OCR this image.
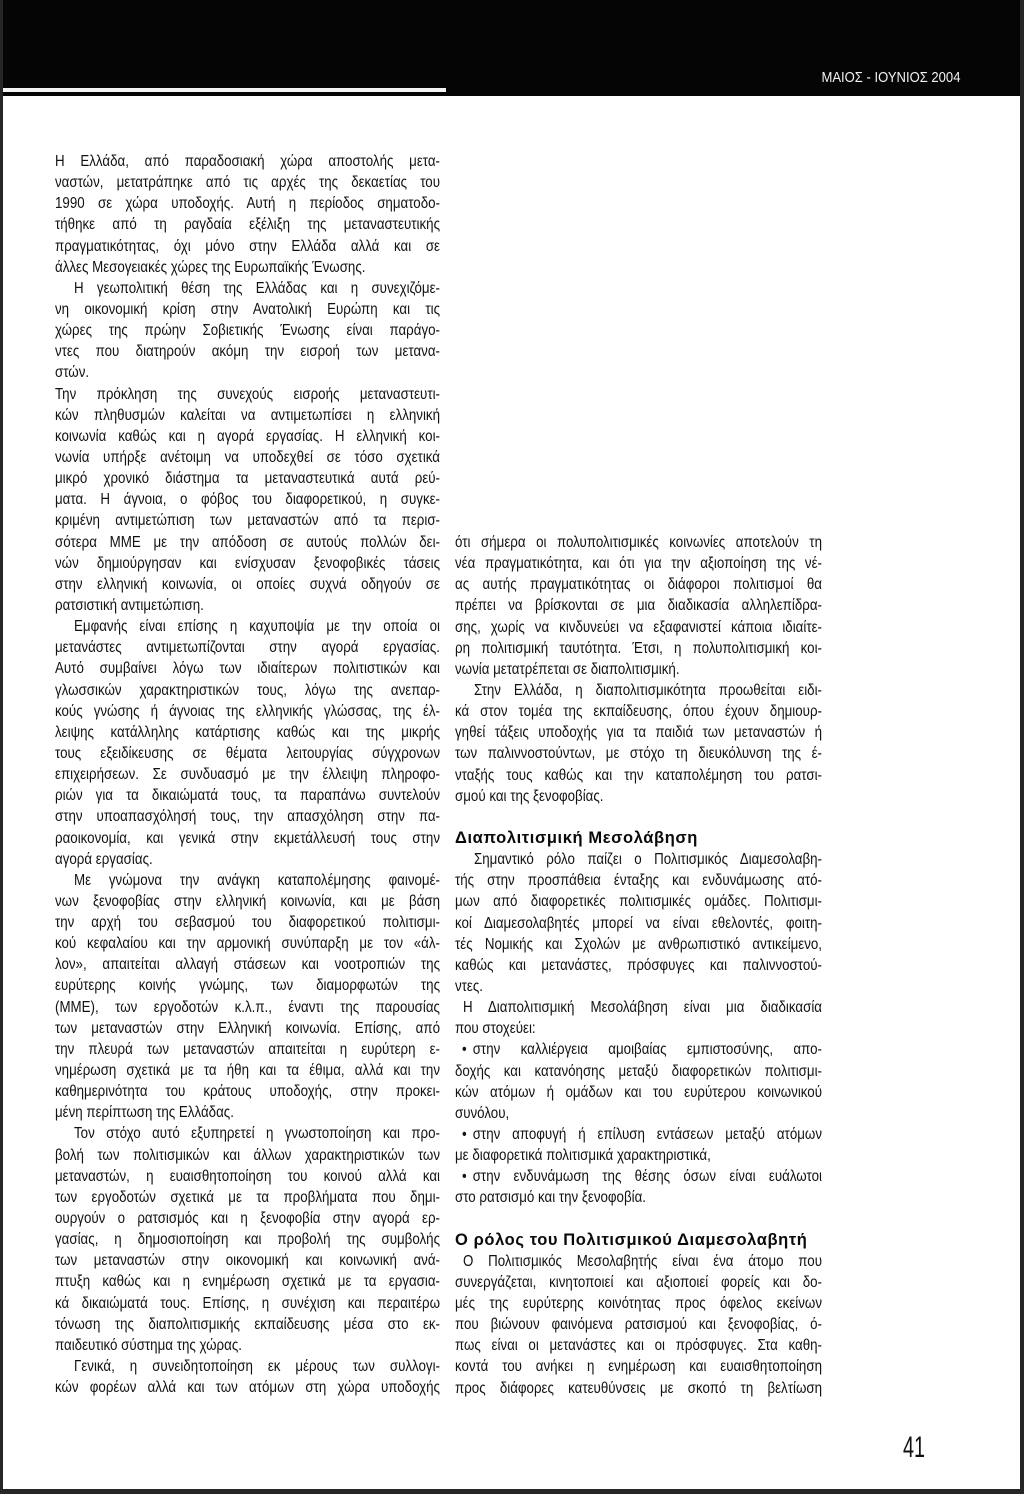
ΜΑΙΟΣ - ΙΟΥΝΙΟΣ 2004
Η Ελλάδα, από παραδοσιακή χώρα αποστολής μετα-
ναστών, μετατράπηκε από τις αρχές της δεκαετίας του
1990 σε χώρα υποδοχής. Αυτή η περίοδος σηματοδο-
τήθηκε από τη ραγδαία εξέλιξη της μεταναστευτικής
πραγματικότητας, όχι μόνο στην Ελλάδα αλλά και σε
άλλες Μεσογειακές χώρες της Ευρωπαϊκής Ένωσης.
Η γεωπολιτική θέση της Ελλάδας και η συνεχιζόμε-
νη οικονομική κρίση στην Ανατολική Ευρώπη και τις
χώρες της πρώην Σοβιετικής Ένωσης είναι παράγο-
ντες που διατηρούν ακόμη την εισροή των μετανα-
στών.
Την πρόκληση της συνεχούς εισροής μεταναστευτι-
κών πληθυσμών καλείται να αντιμετωπίσει η ελληνική
κοινωνία καθώς και η αγορά εργασίας. Η ελληνική κοι-
νωνία υπήρξε ανέτοιμη να υποδεχθεί σε τόσο σχετικά
μικρό χρονικό διάστημα τα μεταναστευτικά αυτά ρεύ-
ματα. Η άγνοια, ο φόβος του διαφορετικού, η συγκε-
κριμένη αντιμετώπιση των μεταναστών από τα περισ-
σότερα ΜΜΕ με την απόδοση σε αυτούς πολλών δει-
νών δημιούργησαν και ενίσχυσαν ξενοφοβικές τάσεις
στην ελληνική κοινωνία, οι οποίες συχνά οδηγούν σε
ρατσιστική αντιμετώπιση.
Εμφανής είναι επίσης η καχυποψία με την οποία οι
μετανάστες αντιμετωπίζονται στην αγορά εργασίας.
Αυτό συμβαίνει λόγω των ιδιαίτερων πολιτιστικών και
γλωσσικών χαρακτηριστικών τους, λόγω της ανεπαρ-
κούς γνώσης ή άγνοιας της ελληνικής γλώσσας, της έλ-
λειψης κατάλληλης κατάρτισης καθώς και της μικρής
τους εξειδίκευσης σε θέματα λειτουργίας σύγχρονων
επιχειρήσεων. Σε συνδυασμό με την έλλειψη πληροφο-
ριών για τα δικαιώματά τους, τα παραπάνω συντελούν
στην υποαπασχόλησή τους, την απασχόληση στην πα-
ραοικονομία, και γενικά στην εκμετάλλευσή τους στην
αγορά εργασίας.
Με γνώμονα την ανάγκη καταπολέμησης φαινομέ-
νων ξενοφοβίας στην ελληνική κοινωνία, και με βάση
την αρχή του σεβασμού του διαφορετικού πολιτισμι-
κού κεφαλαίου και την αρμονική συνύπαρξη με τον «άλ-
λον», απαιτείται αλλαγή στάσεων και νοοτροπιών της
ευρύτερης κοινής γνώμης, των διαμορφωτών της
(ΜΜΕ), των εργοδοτών κ.λ.π., έναντι της παρουσίας
των μεταναστών στην Ελληνική κοινωνία. Επίσης, από
την πλευρά των μεταναστών απαιτείται η ευρύτερη ε-
νημέρωση σχετικά με τα ήθη και τα έθιμα, αλλά και την
καθημερινότητα του κράτους υποδοχής, στην προκει-
μένη περίπτωση της Ελλάδας.
Τον στόχο αυτό εξυπηρετεί η γνωστοποίηση και προ-
βολή των πολιτισμικών και άλλων χαρακτηριστικών των
μεταναστών, η ευαισθητοποίηση του κοινού αλλά και
των εργοδοτών σχετικά με τα προβλήματα που δημι-
ουργούν ο ρατσισμός και η ξενοφοβία στην αγορά ερ-
γασίας, η δημοσιοποίηση και προβολή της συμβολής
των μεταναστών στην οικονομική και κοινωνική ανά-
πτυξη καθώς και η ενημέρωση σχετικά με τα εργασια-
κά δικαιώματά τους. Επίσης, η συνέχιση και περαιτέρω
τόνωση της διαπολιτισμικής εκπαίδευσης μέσα στο εκ-
παιδευτικό σύστημα της χώρας.
Γενικά, η συνειδητοποίηση εκ μέρους των συλλογι-
κών φορέων αλλά και των ατόμων στη χώρα υποδοχής
ότι σήμερα οι πολυπολιτισμικές κοινωνίες αποτελούν τη
νέα πραγματικότητα, και ότι για την αξιοποίηση της νέ-
ας αυτής πραγματικότητας οι διάφοροι πολιτισμοί θα
πρέπει να βρίσκονται σε μια διαδικασία αλληλεπίδρα-
σης, χωρίς να κινδυνεύει να εξαφανιστεί κάποια ιδιαίτε-
ρη πολιτισμική ταυτότητα. Έτσι, η πολυπολιτισμική κοι-
νωνία μετατρέπεται σε διαπολιτισμική.
Στην Ελλάδα, η διαπολιτισμικότητα προωθείται ειδι-
κά στον τομέα της εκπαίδευσης, όπου έχουν δημιουρ-
γηθεί τάξεις υποδοχής για τα παιδιά των μεταναστών ή
των παλιννοστούντων, με στόχο τη διευκόλυνση της έ-
νταξής τους καθώς και την καταπολέμηση του ρατσι-
σμού και της ξενοφοβίας.
Διαπολιτισμική Μεσολάβηση
Σημαντικό ρόλο παίζει ο Πολιτισμικός Διαμεσολαβη-
τής στην προσπάθεια ένταξης και ενδυνάμωσης ατό-
μων από διαφορετικές πολιτισμικές ομάδες. Πολιτισμι-
κοί Διαμεσολαβητές μπορεί να είναι εθελοντές, φοιτη-
τές Νομικής και Σχολών με ανθρωπιστικό αντικείμενο,
καθώς και μετανάστες, πρόσφυγες και παλιννοστού-
ντες.
Η Διαπολιτισμική Μεσολάβηση είναι μια διαδικασία
που στοχεύει:
• στην καλλιέργεια αμοιβαίας εμπιστοσύνης, απο-
δοχής και κατανόησης μεταξύ διαφορετικών πολιτισμι-
κών ατόμων ή ομάδων και του ευρύτερου κοινωνικού
συνόλου,
• στην αποφυγή ή επίλυση εντάσεων μεταξύ ατόμων
με διαφορετικά πολιτισμικά χαρακτηριστικά,
• στην ενδυνάμωση της θέσης όσων είναι ευάλωτοι
στο ρατσισμό και την ξενοφοβία.
Ο ρόλος του Πολιτισμικού Διαμεσολαβητή
Ο Πολιτισμικός Μεσολαβητής είναι ένα άτομο που
συνεργάζεται, κινητοποιεί και αξιοποιεί φορείς και δο-
μές της ευρύτερης κοινότητας προς όφελος εκείνων
που βιώνουν φαινόμενα ρατσισμού και ξενοφοβίας, ό-
πως είναι οι μετανάστες και οι πρόσφυγες. Στα καθη-
κοντά του ανήκει η ενημέρωση και ευαισθητοποίηση
προς διάφορες κατευθύνσεις με σκοπό τη βελτίωση
41
